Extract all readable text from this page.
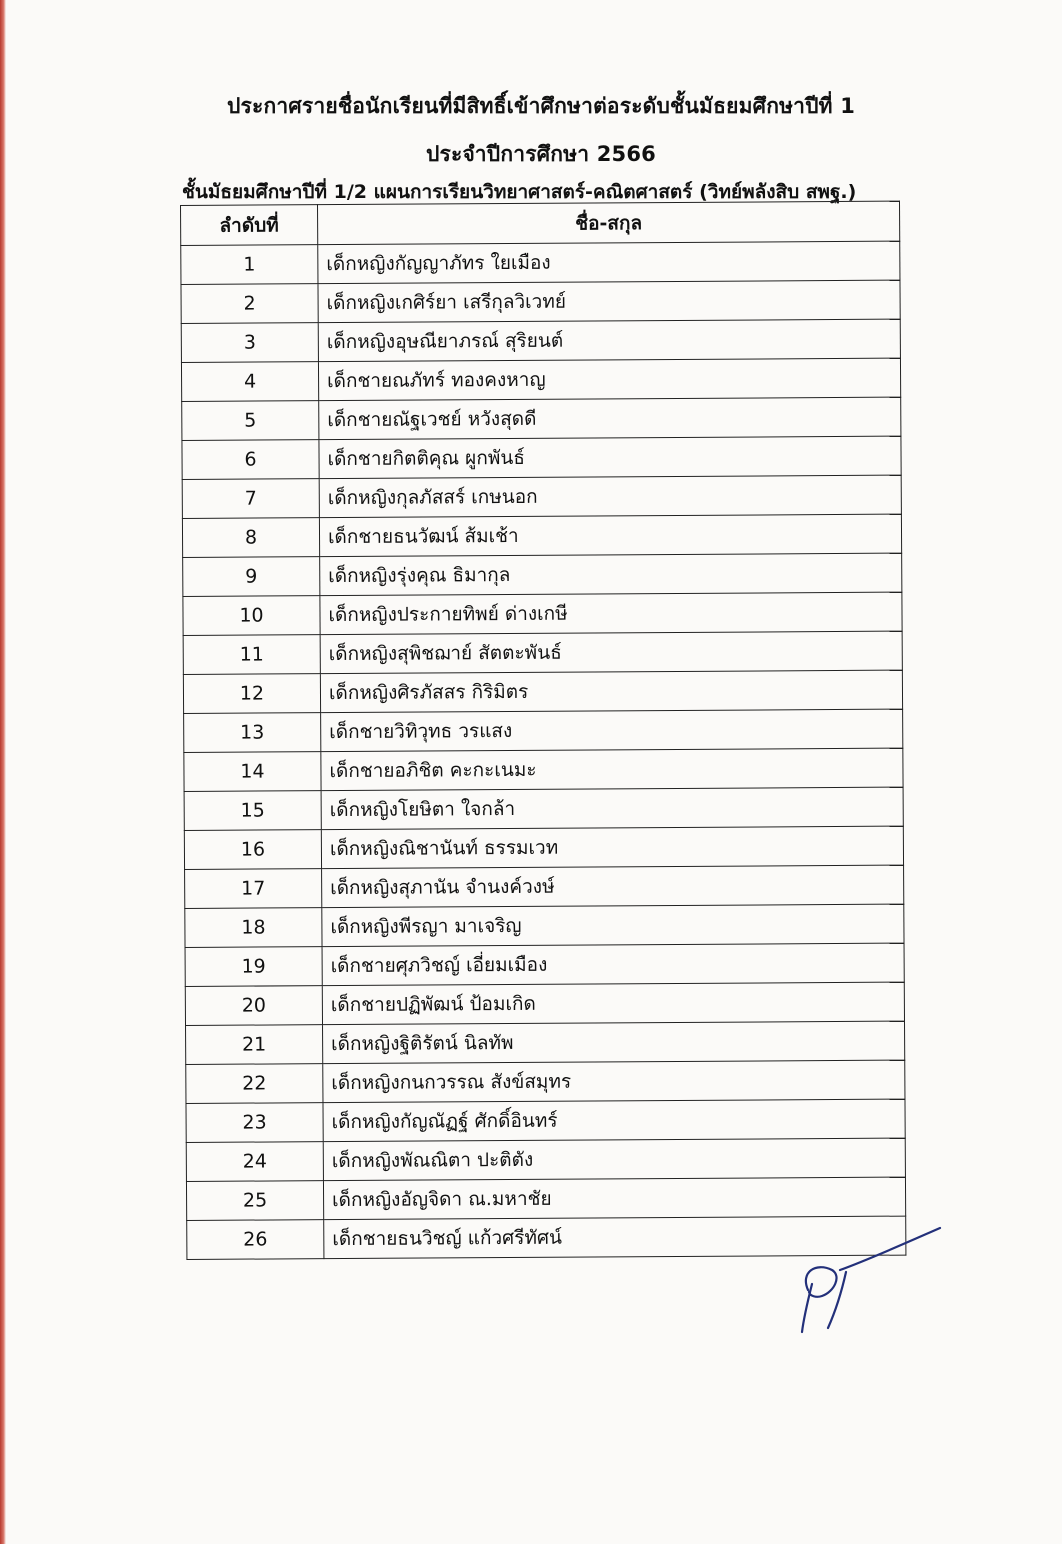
ประกาศรายชื่อนักเรียนที่มีสิทธิ์เข้าศึกษาต่อระดับชั้นมัธยมศึกษาปีที่ 1
ประจำปีการศึกษา 2566
ชั้นมัธยมศึกษาปีที่ 1/2 แผนการเรียนวิทยาศาสตร์-คณิตศาสตร์ (วิทย์พลังสิบ สพฐ.)
ลำดับที่	ชื่อ-สกุล
1	เด็กหญิงกัญญาภัทร ใยเมือง
2	เด็กหญิงเกศิร์ยา เสรีกุลวิเวทย์
3	เด็กหญิงอุษณียาภรณ์ สุริยนต์
4	เด็กชายณภัทร์ ทองคงหาญ
5	เด็กชายณัฐเวชย์ หวังสุดดี
6	เด็กชายกิตติคุณ ผูกพันธ์
7	เด็กหญิงกุลภัสสร์ เกษนอก
8	เด็กชายธนวัฒน์ ส้มเช้า
9	เด็กหญิงรุ่งคุณ ธิมากุล
10	เด็กหญิงประกายทิพย์ ด่างเกษี
11	เด็กหญิงสุพิชฌาย์ สัตตะพันธ์
12	เด็กหญิงศิรภัสสร กิริมิตร
13	เด็กชายวิทิวุทธ วรแสง
14	เด็กชายอภิชิต คะกะเนมะ
15	เด็กหญิงโยษิตา ใจกล้า
16	เด็กหญิงณิชานันท์ ธรรมเวท
17	เด็กหญิงสุภานัน จำนงค์วงษ์
18	เด็กหญิงพีรญา มาเจริญ
19	เด็กชายศุภวิชญ์ เอี่ยมเมือง
20	เด็กชายปฏิพัฒน์ ป้อมเกิด
21	เด็กหญิงฐิติรัตน์ นิลทัพ
22	เด็กหญิงกนกวรรณ สังข์สมุทร
23	เด็กหญิงกัญณัฏฐ์ ศักดิ์อินทร์
24	เด็กหญิงพัณณิตา ปะติตัง
25	เด็กหญิงอัญจิดา ณ.มหาชัย
26	เด็กชายธนวิชญ์ แก้วศรีทัศน์
